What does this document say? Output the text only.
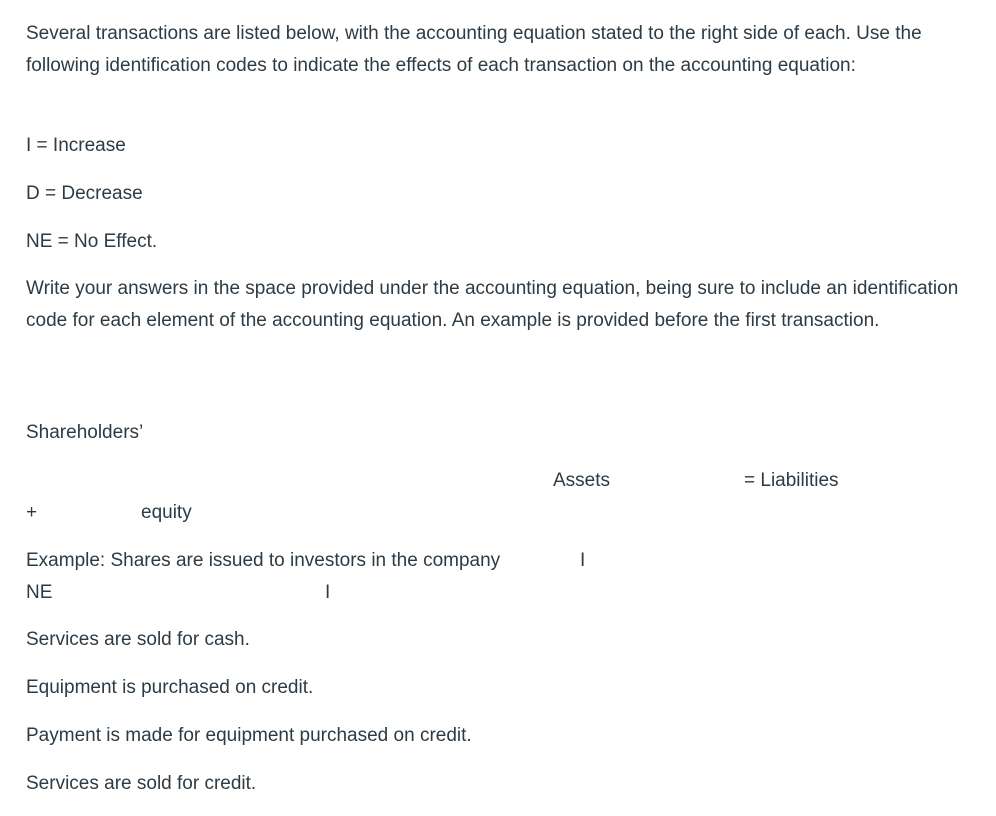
Several transactions are listed below, with the accounting equation stated to the right side of each. Use the following identification codes to indicate the effects of each transaction on the accounting equation:

I = Increase

D = Decrease

NE = No Effect.

Write your answers in the space provided under the accounting equation, being sure to include an identification code for each element of the accounting equation. An example is provided before the first transaction.

Shareholders’

Assets	= Liabilities

+	equity

Example: Shares are issued to investors in the company	I

NE	I

Services are sold for cash.

Equipment is purchased on credit.

Payment is made for equipment purchased on credit.

Services are sold for credit.
